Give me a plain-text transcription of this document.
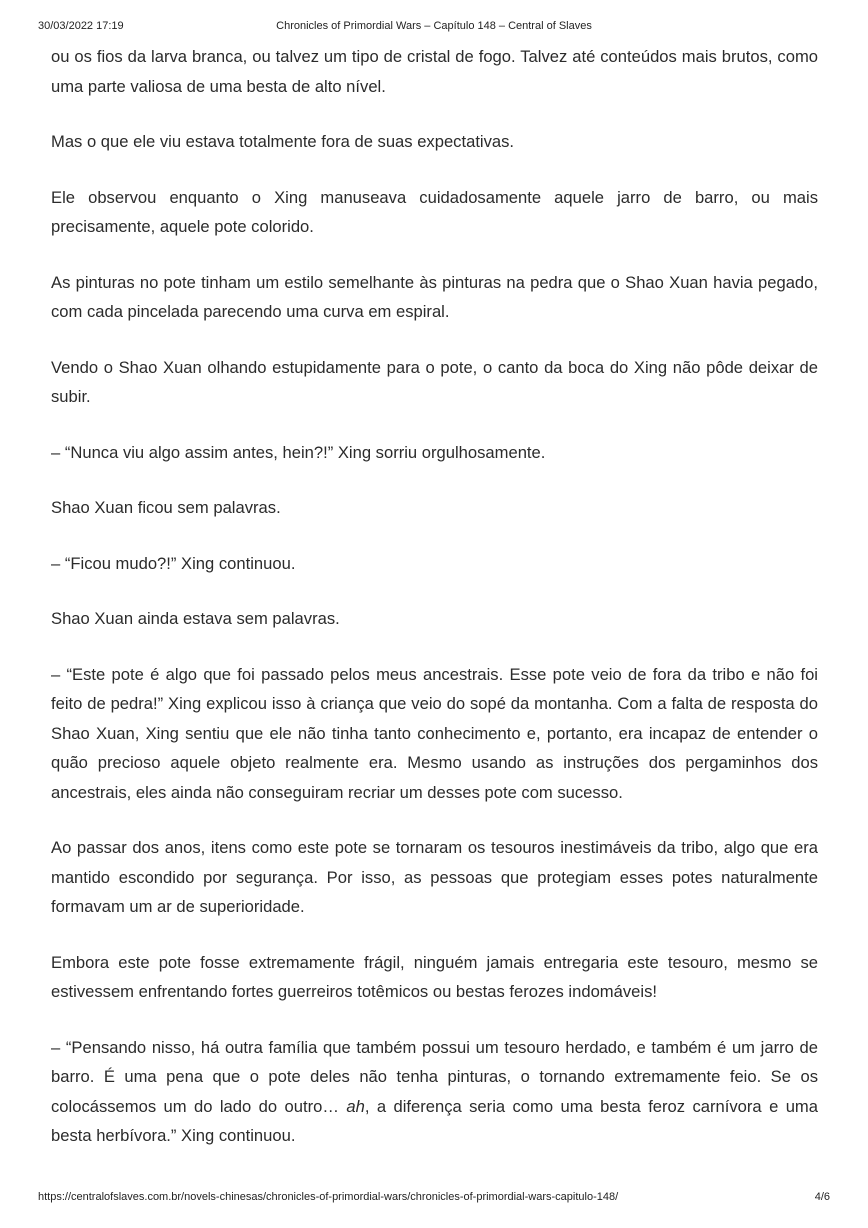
30/03/2022 17:19	Chronicles of Primordial Wars – Capítulo 148 – Central of Slaves

ou os fios da larva branca, ou talvez um tipo de cristal de fogo. Talvez até conteúdos mais brutos, como uma parte valiosa de uma besta de alto nível.

Mas o que ele viu estava totalmente fora de suas expectativas.

Ele observou enquanto o Xing manuseava cuidadosamente aquele jarro de barro, ou mais precisamente, aquele pote colorido.

As pinturas no pote tinham um estilo semelhante às pinturas na pedra que o Shao Xuan havia pegado, com cada pincelada parecendo uma curva em espiral.

Vendo o Shao Xuan olhando estupidamente para o pote, o canto da boca do Xing não pôde deixar de subir.

– “Nunca viu algo assim antes, hein?!” Xing sorriu orgulhosamente.

Shao Xuan ficou sem palavras.

– “Ficou mudo?!” Xing continuou.

Shao Xuan ainda estava sem palavras.

– “Este pote é algo que foi passado pelos meus ancestrais. Esse pote veio de fora da tribo e não foi feito de pedra!” Xing explicou isso à criança que veio do sopé da montanha. Com a falta de resposta do Shao Xuan, Xing sentiu que ele não tinha tanto conhecimento e, portanto, era incapaz de entender o quão precioso aquele objeto realmente era. Mesmo usando as instruções dos pergaminhos dos ancestrais, eles ainda não conseguiram recriar um desses pote com sucesso.

Ao passar dos anos, itens como este pote se tornaram os tesouros inestimáveis da tribo, algo que era mantido escondido por segurança. Por isso, as pessoas que protegiam esses potes naturalmente formavam um ar de superioridade.

Embora este pote fosse extremamente frágil, ninguém jamais entregaria este tesouro, mesmo se estivessem enfrentando fortes guerreiros totêmicos ou bestas ferozes indomáveis!

– “Pensando nisso, há outra família que também possui um tesouro herdado, e também é um jarro de barro. É uma pena que o pote deles não tenha pinturas, o tornando extremamente feio. Se os colocássemos um do lado do outro… ah, a diferença seria como uma besta feroz carnívora e uma besta herbívora.” Xing continuou.

https://centralofslaves.com.br/novels-chinesas/chronicles-of-primordial-wars/chronicles-of-primordial-wars-capitulo-148/	4/6
